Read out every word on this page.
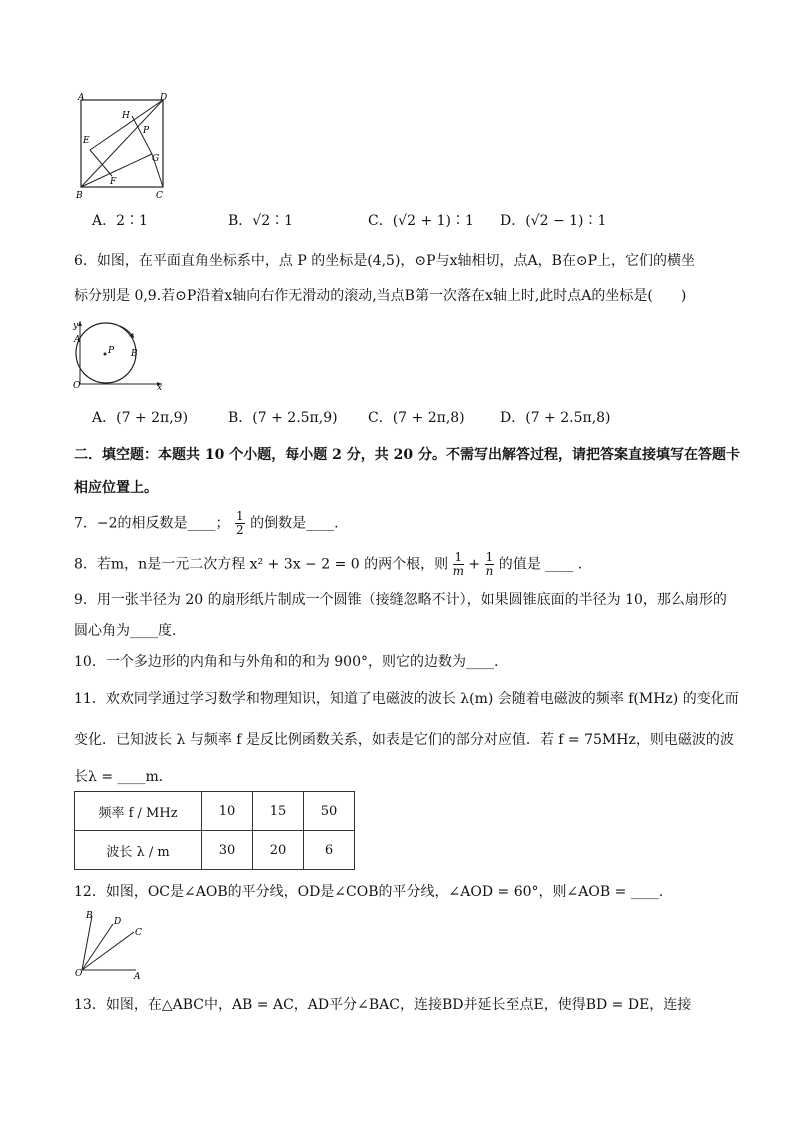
A	D
H
P
E
G
F
B	C
A．2∶1	B．√2∶1	C．(√2 + 1)∶1 D．(√2 − 1)∶1
6．如图，在平面直角坐标系中，点 P 的坐标是(4,5)，⊙P与x轴相切，点A，B在⊙P上，它们的横坐
标分别是 0,9.若⊙P沿着x轴向右作无滑动的滚动,当点B第一次落在x轴上时,此时点A的坐标是(　　)
y
A
P B
O	x
A．(7 + 2π,9)	B．(7 + 2.5π,9) C．(7 + 2π,8)	D．(7 + 2.5π,8)
二．填空题：本题共 10 个小题，每小题 2 分，共 20 分。不需写出解答过程，请把答案直接填写在答题卡
相应位置上。
7．−2的相反数是____； $\frac{1}{2}$ 的倒数是____.
8．若m，n是一元二次方程 x² + 3x − 2 = 0 的两个根，则 $\frac{1}{m} + \frac{1}{n}$ 的值是 ____ .
9．用一张半径为 20 的扇形纸片制成一个圆锥（接缝忽略不计），如果圆锥底面的半径为 10，那么扇形的
圆心角为____度.
10．一个多边形的内角和与外角和的和为 900°，则它的边数为____.
11．欢欢同学通过学习数学和物理知识，知道了电磁波的波长 λ(m) 会随着电磁波的频率 f(MHz) 的变化而
变化．已知波长 λ 与频率 f 是反比例函数关系，如表是它们的部分对应值．若 f = 75MHz，则电磁波的波
长λ = ____m．
频率 f / MHz	10	15	50
波长 λ / m	30	20	6
12．如图，OC是∠AOB的平分线，OD是∠COB的平分线，∠AOD = 60°，则∠AOB = ____.
B
D
C
O	A
13．如图，在△ABC中，AB = AC，AD平分∠BAC，连接BD并延长至点E，使得BD = DE，连接
